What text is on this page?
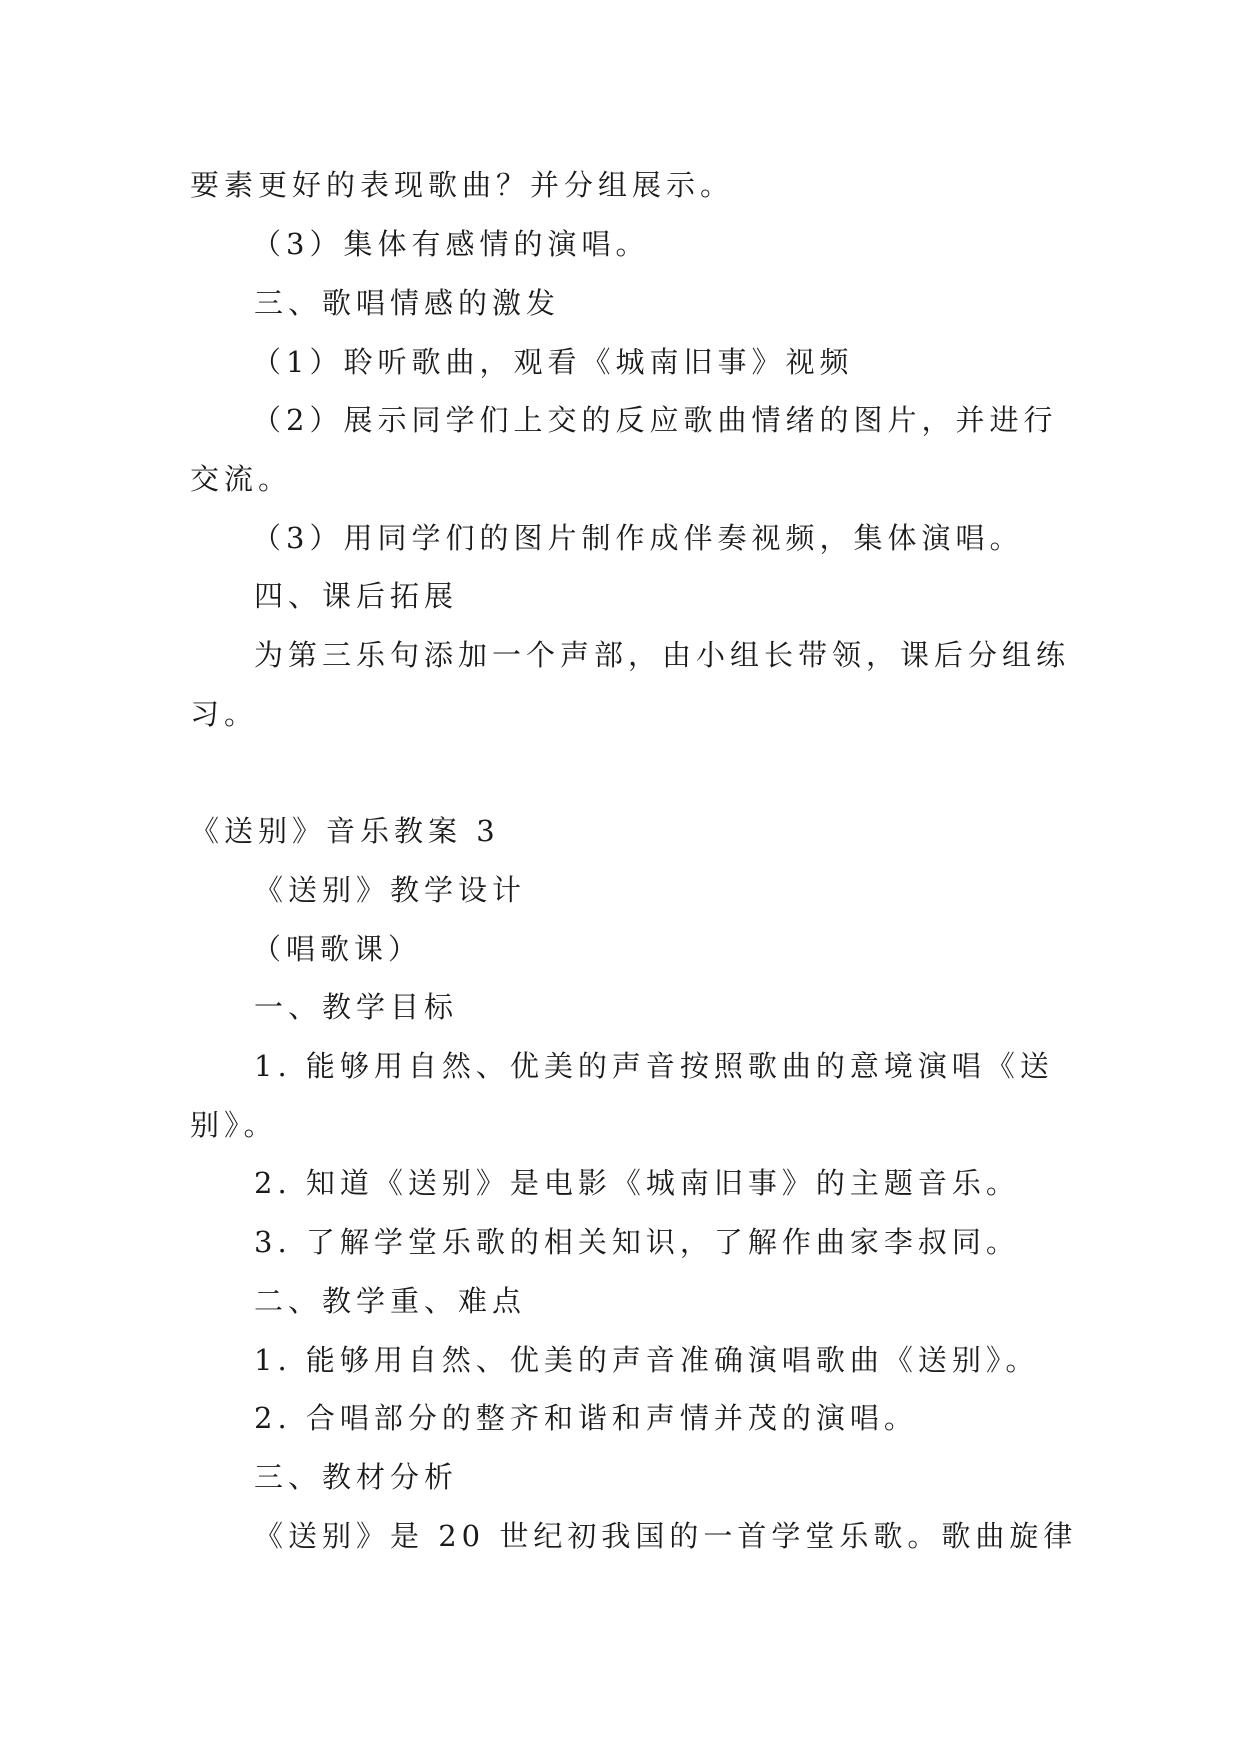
要素更好的表现歌曲？并分组展示。
（3）集体有感情的演唱。
三、歌唱情感的激发
（1）聆听歌曲，观看《城南旧事》视频
（2）展示同学们上交的反应歌曲情绪的图片，并进行
交流。
（3）用同学们的图片制作成伴奏视频，集体演唱。
四、课后拓展
为第三乐句添加一个声部，由小组长带领，课后分组练
习。
《送别》音乐教案 3
《送别》教学设计
（唱歌课）
一、教学目标
1. 能够用自然、优美的声音按照歌曲的意境演唱《送
别》。
2. 知道《送别》是电影《城南旧事》的主题音乐。
3. 了解学堂乐歌的相关知识，了解作曲家李叔同。
二、教学重、难点
1. 能够用自然、优美的声音准确演唱歌曲《送别》。
2. 合唱部分的整齐和谐和声情并茂的演唱。
三、教材分析
《送别》是 20 世纪初我国的一首学堂乐歌。歌曲旋律
